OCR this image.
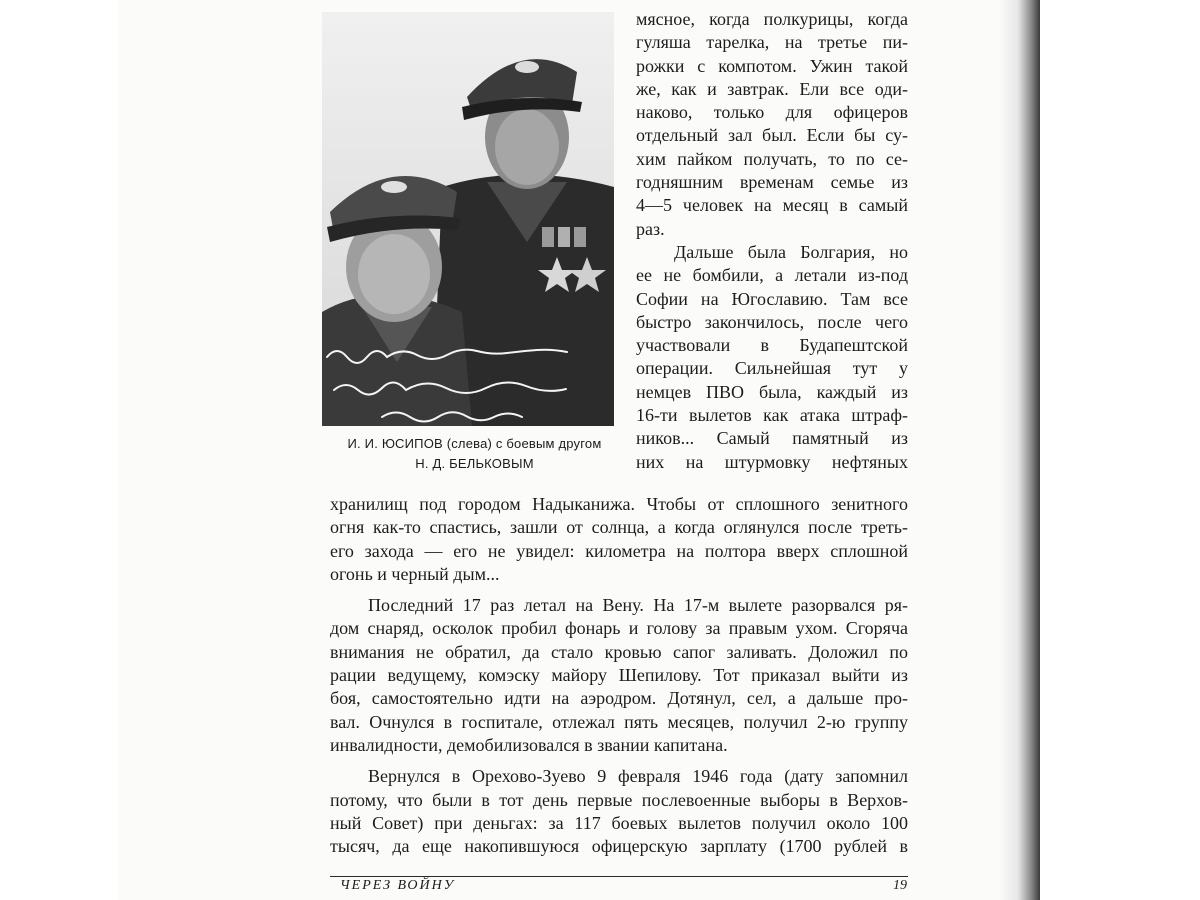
И. И. ЮСИПОВ (слева) с боевым другом
Н. Д. БЕЛЬКОВЫМ
мясное, когда полкурицы, когда
гуляша тарелка, на третье пи-
рожки с компотом. Ужин такой
же, как и завтрак. Ели все оди-
наково, только для офицеров
отдельный зал был. Если бы су-
хим пайком получать, то по се-
годняшним временам семье из
4—5 человек на месяц в самый
раз.
Дальше была Болгария, но
ее не бомбили, а летали из-под
Софии на Югославию. Там все
быстро закончилось, после чего
участвовали в Будапештской
операции. Сильнейшая тут у
немцев ПВО была, каждый из
16-ти вылетов как атака штраф-
ников... Самый памятный из
них на штурмовку нефтяных
хранилищ под городом Надыканижа. Чтобы от сплошного зенитного
огня как-то спастись, зашли от солнца, а когда оглянулся после треть-
его захода — его не увидел: километра на полтора вверх сплошной
огонь и черный дым...
Последний 17 раз летал на Вену. На 17-м вылете разорвался ря-
дом снаряд, осколок пробил фонарь и голову за правым ухом. Сгоряча
внимания не обратил, да стало кровью сапог заливать. Доложил по
рации ведущему, комэску майору Шепилову. Тот приказал выйти из
боя, самостоятельно идти на аэродром. Дотянул, сел, а дальше про-
вал. Очнулся в госпитале, отлежал пять месяцев, получил 2-ю группу
инвалидности, демобилизовался в звании капитана.
Вернулся в Орехово-Зуево 9 февраля 1946 года (дату запомнил
потому, что были в тот день первые послевоенные выборы в Верхов-
ный Совет) при деньгах: за 117 боевых вылетов получил около 100
тысяч, да еще накопившуюся офицерскую зарплату (1700 рублей в
ЧЕРЕЗ ВОЙНУ	19
